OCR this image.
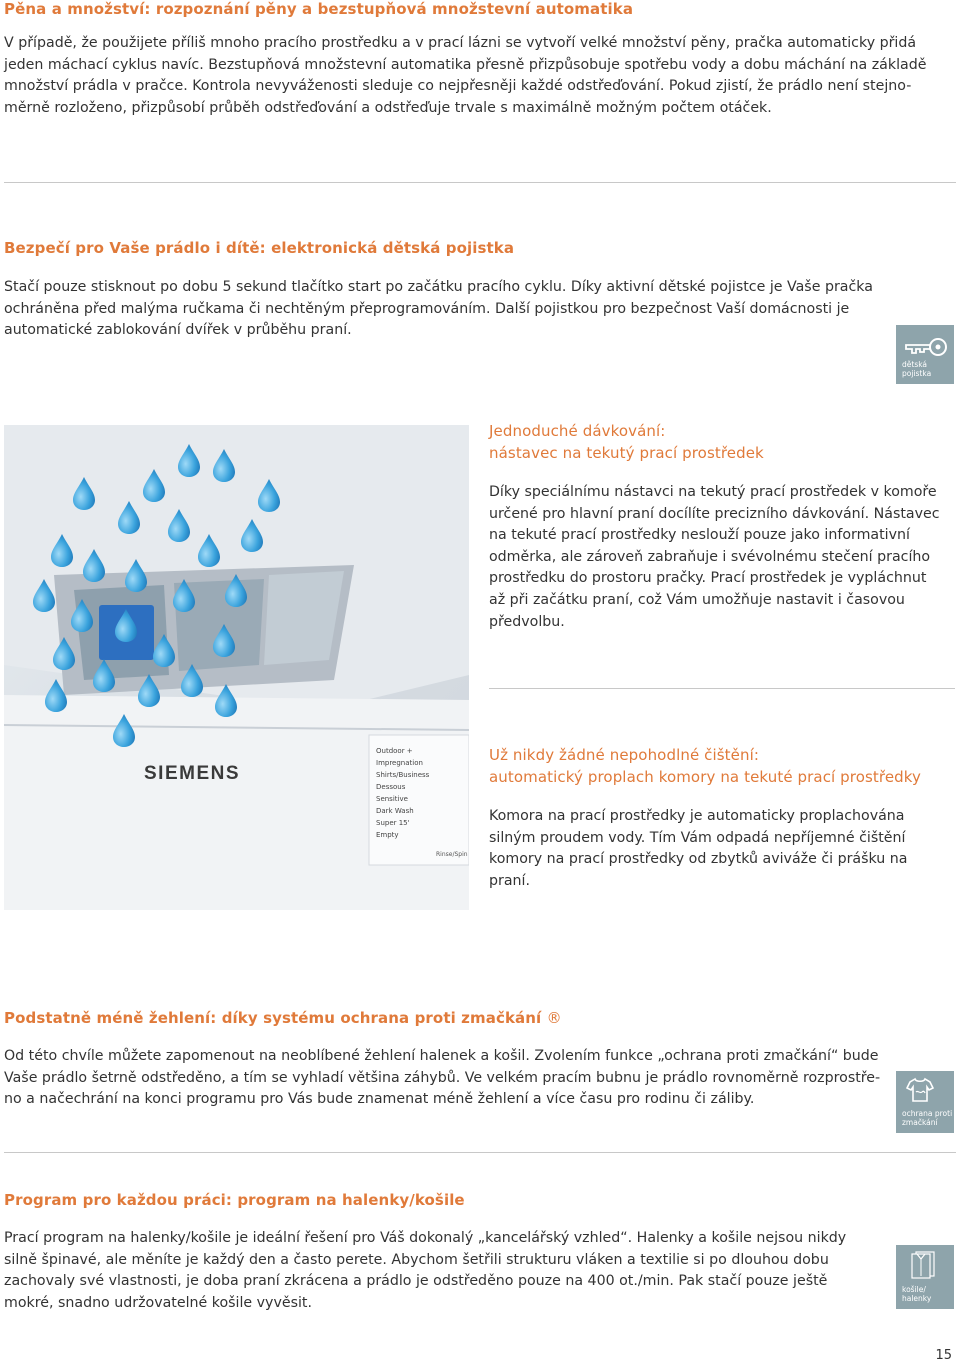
Pěna a množství: rozpoznání pěny a bezstupňová množstevní automatika

V případě, že použijete příliš mnoho pracího prostředku a v prací lázni se vytvoří velké množství pěny, pračka automaticky přidá

jeden máchací cyklus navíc. Bezstupňová množstevní automatika přesně přizpůsobuje spotřebu vody a dobu máchání na základě

množství prádla v pračce. Kontrola nevyváženosti sleduje co nejpřesněji každé odstřeďování. Pokud zjistí, že prádlo není stejno-

měrně rozloženo, přizpůsobí průběh odstřeďování a odstřeďuje trvale s maximálně možným počtem otáček.

Bezpečí pro Vaše prádlo i dítě: elektronická dětská pojistka

Stačí pouze stisknout po dobu 5 sekund tlačítko start po začátku pracího cyklu. Díky aktivní dětské pojistce je Vaše pračka

ochráněna před malýma ručkama či nechtěným přeprogramováním. Další pojistkou pro bezpečnost Vaší domácnosti je

automatické zablokování dvířek v průběhu praní.

dětská
pojistka
SIEMENS
Outdoor +
Impregnation
Shirts/Business
Dessous
Sensitive
Dark Wash
Super 15'
Empty
Rinse/Spin
Jednoduché dávkování:
nástavec na tekutý prací prostředek

Díky speciálnímu nástavci na tekutý prací prostředek v komoře

určené pro hlavní praní docílíte precizního dávkování. Nástavec

na tekuté prací prostředky neslouží pouze jako informativní

odměrka, ale zároveň zabraňuje i svévolnému stečení pracího

prostředku do prostoru pračky. Prací prostředek je vypláchnut

až při začátku praní, což Vám umožňuje nastavit i časovou

předvolbu.

Už nikdy žádné nepohodlné čištění:
automatický proplach komory na tekuté prací prostředky

Komora na prací prostředky je automaticky proplachována

silným proudem vody. Tím Vám odpadá nepříjemné čištění

komory na prací prostředky od zbytků aviváže či prášku na

praní.

Podstatně méně žehlení: díky systému ochrana proti zmačkání ®

Od této chvíle můžete zapomenout na neoblíbené žehlení halenek a košil. Zvolením funkce „ochrana proti zmačkání“ bude

Vaše prádlo šetrně odstředěno, a tím se vyhladí většina záhybů. Ve velkém pracím bubnu je prádlo rovnoměrně rozprostře-

no a načechrání na konci programu pro Vás bude znamenat méně žehlení a více času pro rodinu či záliby.

ochrana proti
zmačkání
Program pro každou práci: program na halenky/košile

Prací program na halenky/košile je ideální řešení pro Váš dokonalý „kancelářský vzhled“. Halenky a košile nejsou nikdy

silně špinavé, ale měníte je každý den a často perete. Abychom šetřili strukturu vláken a textilie si po dlouhou dobu

zachovaly své vlastnosti, je doba praní zkrácena a prádlo je odstředěno pouze na 400 ot./min. Pak stačí pouze ještě

mokré, snadno udržovatelné košile vyvěsit.

košile/
halenky
15
